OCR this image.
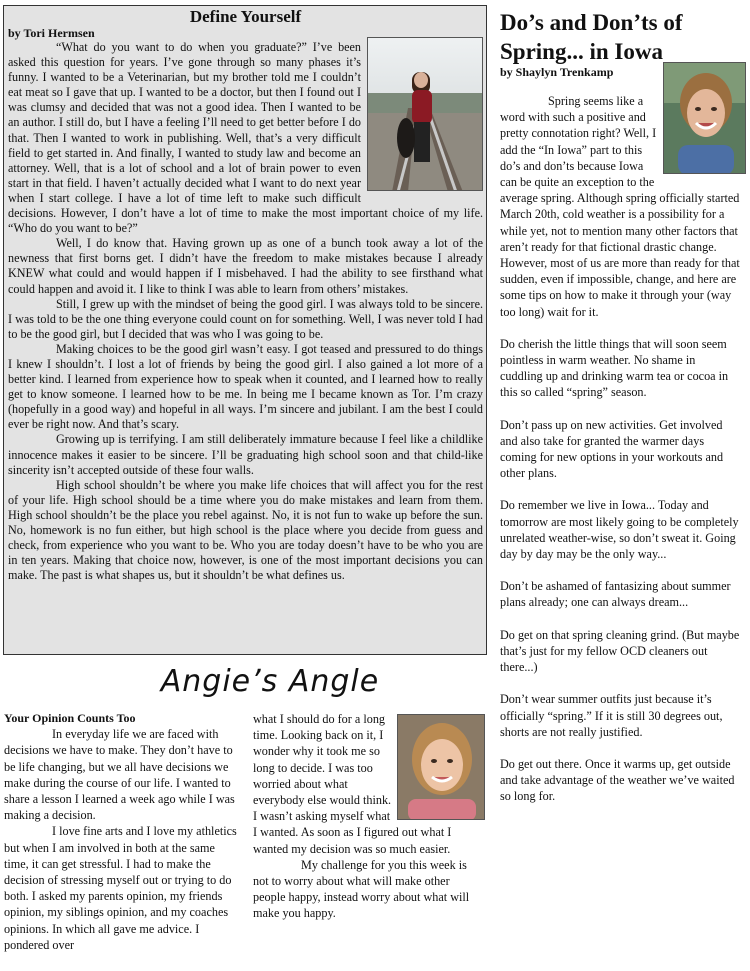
Define Yourself
by Tori Hermsen

“What do you want to do when you graduate?” I’ve been asked this question for years. I’ve gone through so many phases it’s funny. I wanted to be a Veterinarian, but my brother told me I couldn’t eat meat so I gave that up. I wanted to be a doctor, but then I found out I was clumsy and decided that was not a good idea. Then I wanted to be an author. I still do, but I have a feeling I’ll need to get better before I do that. Then I wanted to work in publishing. Well, that’s a very difficult field to get started in. And finally, I wanted to study law and become an attorney. Well, that is a lot of school and a lot of brain power to even start in that field. I haven’t actually decided what I want to do next year when I start college. I have a lot of time left to make such difficult decisions. However, I don’t have a lot of time to make the most important choice of my life. “Who do you want to be?”

Well, I do know that. Having grown up as one of a bunch took away a lot of the newness that first borns get. I didn’t have the freedom to make mistakes because I already KNEW what could and would happen if I misbehaved. I had the ability to see firsthand what could happen and avoid it. I like to think I was able to learn from others’ mistakes.

Still, I grew up with the mindset of being the good girl. I was always told to be sincere. I was told to be the one thing everyone could count on for something. Well, I was never told I had to be the good girl, but I decided that was who I was going to be.

Making choices to be the good girl wasn’t easy. I got teased and pressured to do things I knew I shouldn’t. I lost a lot of friends by being the good girl. I also gained a lot more of a better kind. I learned from experience how to speak when it counted, and I learned how to really get to know someone. I learned how to be me. In being me I became known as Tor. I’m crazy (hopefully in a good way) and hopeful in all ways. I’m sincere and jubilant. I am the best I could ever be right now. And that’s scary.

Growing up is terrifying. I am still deliberately immature because I feel like a childlike innocence makes it easier to be sincere. I’ll be graduating high school soon and that child-like sincerity isn’t accepted outside of these four walls.

High school shouldn’t be where you make life choices that will affect you for the rest of your life. High school should be a time where you do make mistakes and learn from them. High school shouldn’t be the place you rebel against. No, it is not fun to wake up before the sun. No, homework is no fun either, but high school is the place where you decide from guess and check, from experience who you want to be. Who you are today doesn’t have to be who you are in ten years. Making that choice now, however, is one of the most important decisions you can make. The past is what shapes us, but it shouldn’t be what defines us.

Do’s and Don’ts of Spring... in Iowa
by Shaylyn Trenkamp

Spring seems like a word with such a positive and pretty connotation right? Well, I add the “In Iowa” part to this do’s and don’ts because Iowa can be quite an exception to the average spring. Although spring officially started March 20th, cold weather is a possibility for a while yet, not to mention many other factors that aren’t ready for that fictional drastic change. However, most of us are more than ready for that sudden, even if impossible, change, and here are some tips on how to make it through your (way too long) wait for it.

Do cherish the little things that will soon seem pointless in warm weather. No shame in cuddling up and drinking warm tea or cocoa in this so called “spring” season.

Don’t pass up on new activities. Get involved and also take for granted the warmer days coming for new options in your workouts and other plans.

Do remember we live in Iowa... Today and tomorrow are most likely going to be completely unrelated weather-wise, so don’t sweat it. Going day by day may be the only way...

Don’t be ashamed of fantasizing about summer plans already; one can always dream...

Do get on that spring cleaning grind. (But maybe that’s just for my fellow OCD cleaners out there...)

Don’t wear summer outfits just because it’s officially “spring.” If it is still 30 degrees out, shorts are not really justified.

Do get out there. Once it warms up, get outside and take advantage of the weather we’ve waited so long for.

Angie’s Angle
Your Opinion Counts Too

In everyday life we are faced with decisions we have to make. They don’t have to be life changing, but we all have decisions we make during the course of our life. I wanted to share a lesson I learned a week ago while I was making a decision.

I love fine arts and I love my athletics but when I am involved in both at the same time, it can get stressful. I had to make the decision of stressing myself out or trying to do both. I asked my parents opinion, my friends opinion, my siblings opinion, and my coaches opinions. In which all gave me advice. I pondered over

what I should do for a long time. Looking back on it, I wonder why it took me so long to decide. I was too worried about what everybody else would think. I wasn’t asking myself what I wanted. As soon as I figured out what I wanted my decision was so much easier.

My challenge for you this week is not to worry about what will make other people happy, instead worry about what will make you happy.
